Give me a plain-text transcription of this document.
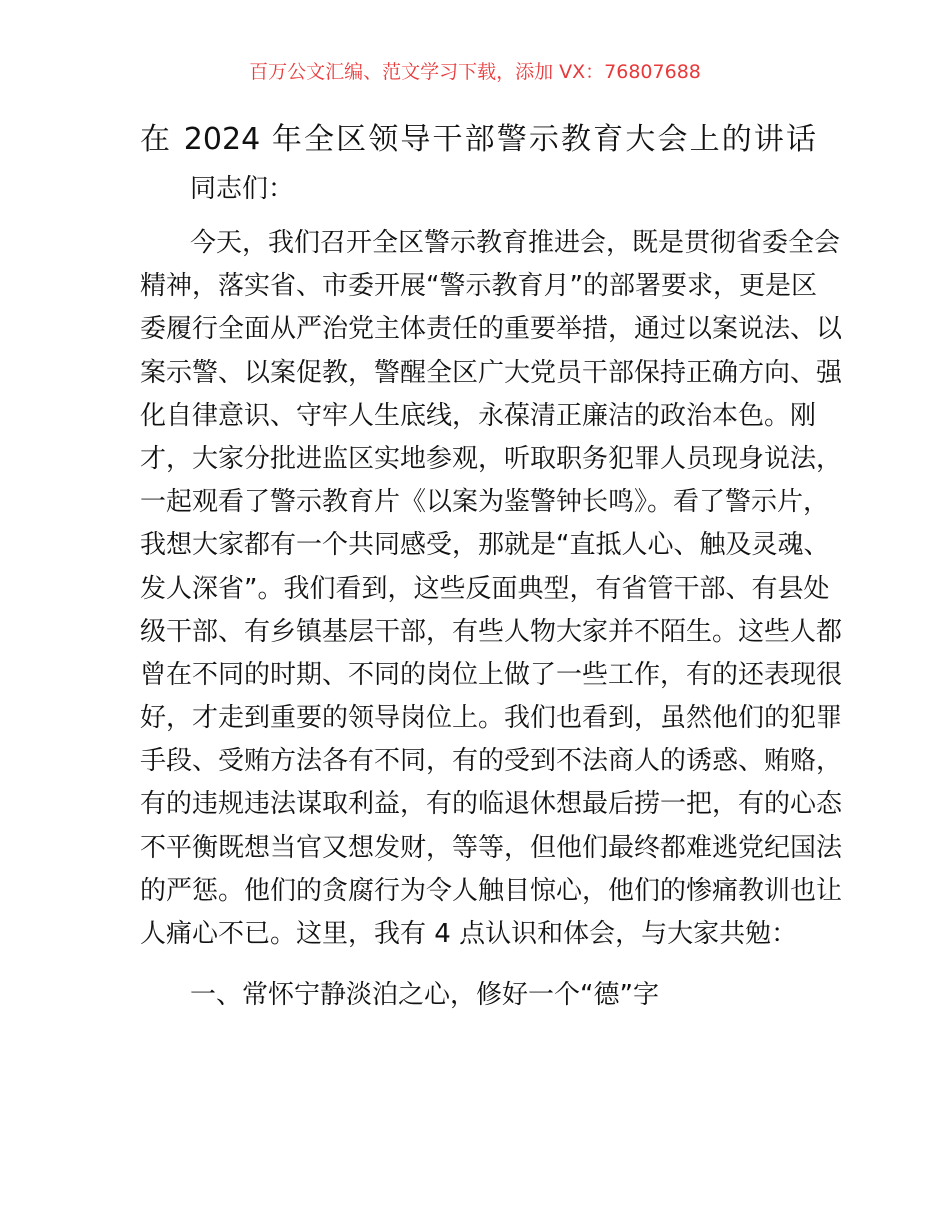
百万公文汇编、范文学习下载，添加 VX：76807688
在 2024 年全区领导干部警示教育大会上的讲话
同志们：
今天，我们召开全区警示教育推进会，既是贯彻省委全会
精神，落实省、市委开展“警示教育月”的部署要求，更是区
委履行全面从严治党主体责任的重要举措，通过以案说法、以
案示警、以案促教，警醒全区广大党员干部保持正确方向、强
化自律意识、守牢人生底线，永葆清正廉洁的政治本色。刚
才，大家分批进监区实地参观，听取职务犯罪人员现身说法，
一起观看了警示教育片《以案为鉴警钟长鸣》。看了警示片，
我想大家都有一个共同感受，那就是“直抵人心、触及灵魂、
发人深省”。我们看到，这些反面典型，有省管干部、有县处
级干部、有乡镇基层干部，有些人物大家并不陌生。这些人都
曾在不同的时期、不同的岗位上做了一些工作，有的还表现很
好，才走到重要的领导岗位上。我们也看到，虽然他们的犯罪
手段、受贿方法各有不同，有的受到不法商人的诱惑、贿赂，
有的违规违法谋取利益，有的临退休想最后捞一把，有的心态
不平衡既想当官又想发财，等等，但他们最终都难逃党纪国法
的严惩。他们的贪腐行为令人触目惊心，他们的惨痛教训也让
人痛心不已。这里，我有 4 点认识和体会，与大家共勉：
一、常怀宁静淡泊之心，修好一个“德”字
